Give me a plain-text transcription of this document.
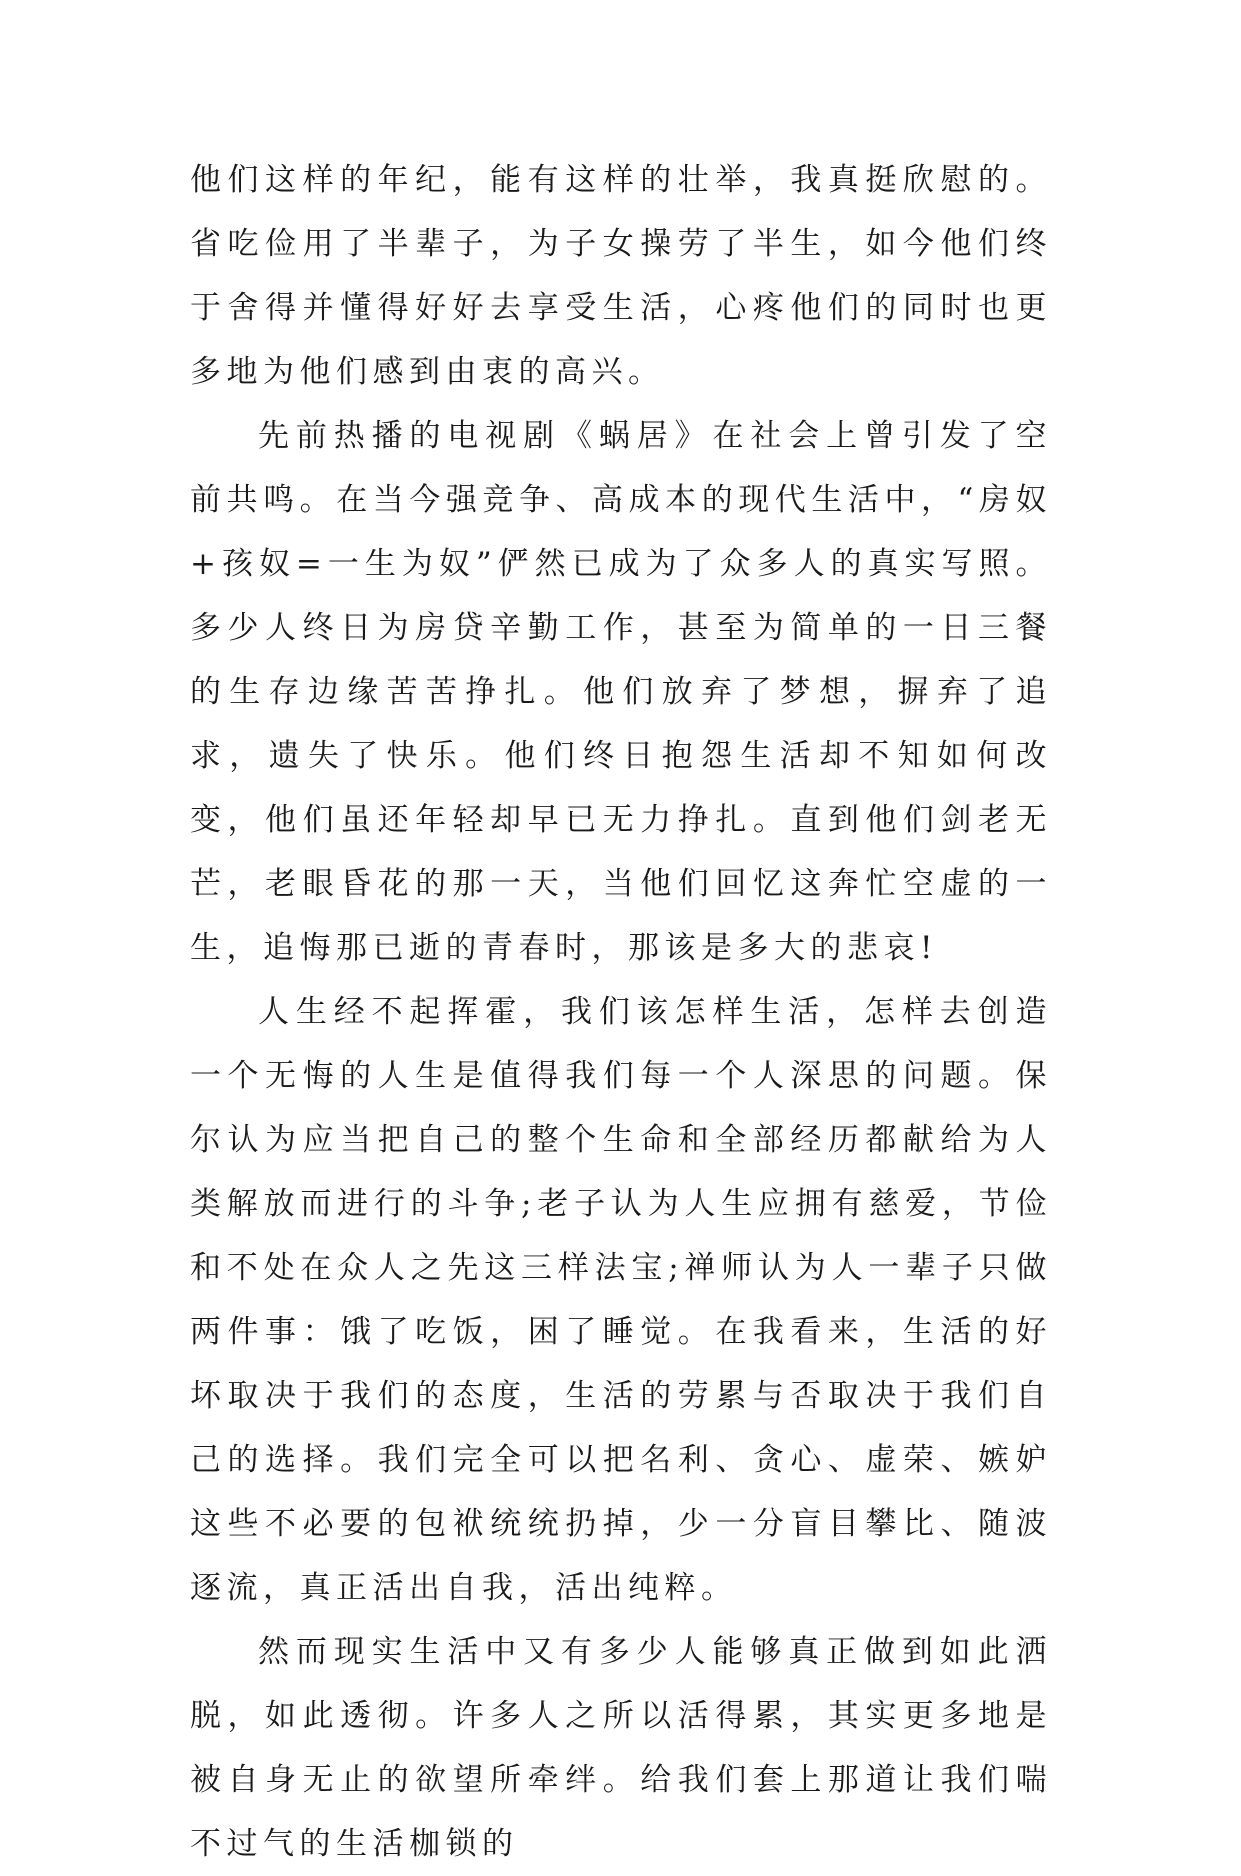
他们这样的年纪，能有这样的壮举，我真挺欣慰的。省吃俭用了半辈子，为子女操劳了半生，如今他们终于舍得并懂得好好去享受生活，心疼他们的同时也更多地为他们感到由衷的高兴。

先前热播的电视剧《蜗居》在社会上曾引发了空前共鸣。在当今强竞争、高成本的现代生活中，“房奴+孩奴=一生为奴”俨然已成为了众多人的真实写照。多少人终日为房贷辛勤工作，甚至为简单的一日三餐的生存边缘苦苦挣扎。他们放弃了梦想，摒弃了追求，遗失了快乐。他们终日抱怨生活却不知如何改变，他们虽还年轻却早已无力挣扎。直到他们剑老无芒，老眼昏花的那一天，当他们回忆这奔忙空虚的一生，追悔那已逝的青春时，那该是多大的悲哀!

人生经不起挥霍，我们该怎样生活，怎样去创造一个无悔的人生是值得我们每一个人深思的问题。保尔认为应当把自己的整个生命和全部经历都献给为人类解放而进行的斗争;老子认为人生应拥有慈爱，节俭和不处在众人之先这三样法宝;禅师认为人一辈子只做两件事：饿了吃饭，困了睡觉。在我看来，生活的好坏取决于我们的态度，生活的劳累与否取决于我们自己的选择。我们完全可以把名利、贪心、虚荣、嫉妒这些不必要的包袱统统扔掉，少一分盲目攀比、随波逐流，真正活出自我，活出纯粹。

然而现实生活中又有多少人能够真正做到如此洒脱，如此透彻。许多人之所以活得累，其实更多地是被自身无止的欲望所牵绊。给我们套上那道让我们喘不过气的生活枷锁的
